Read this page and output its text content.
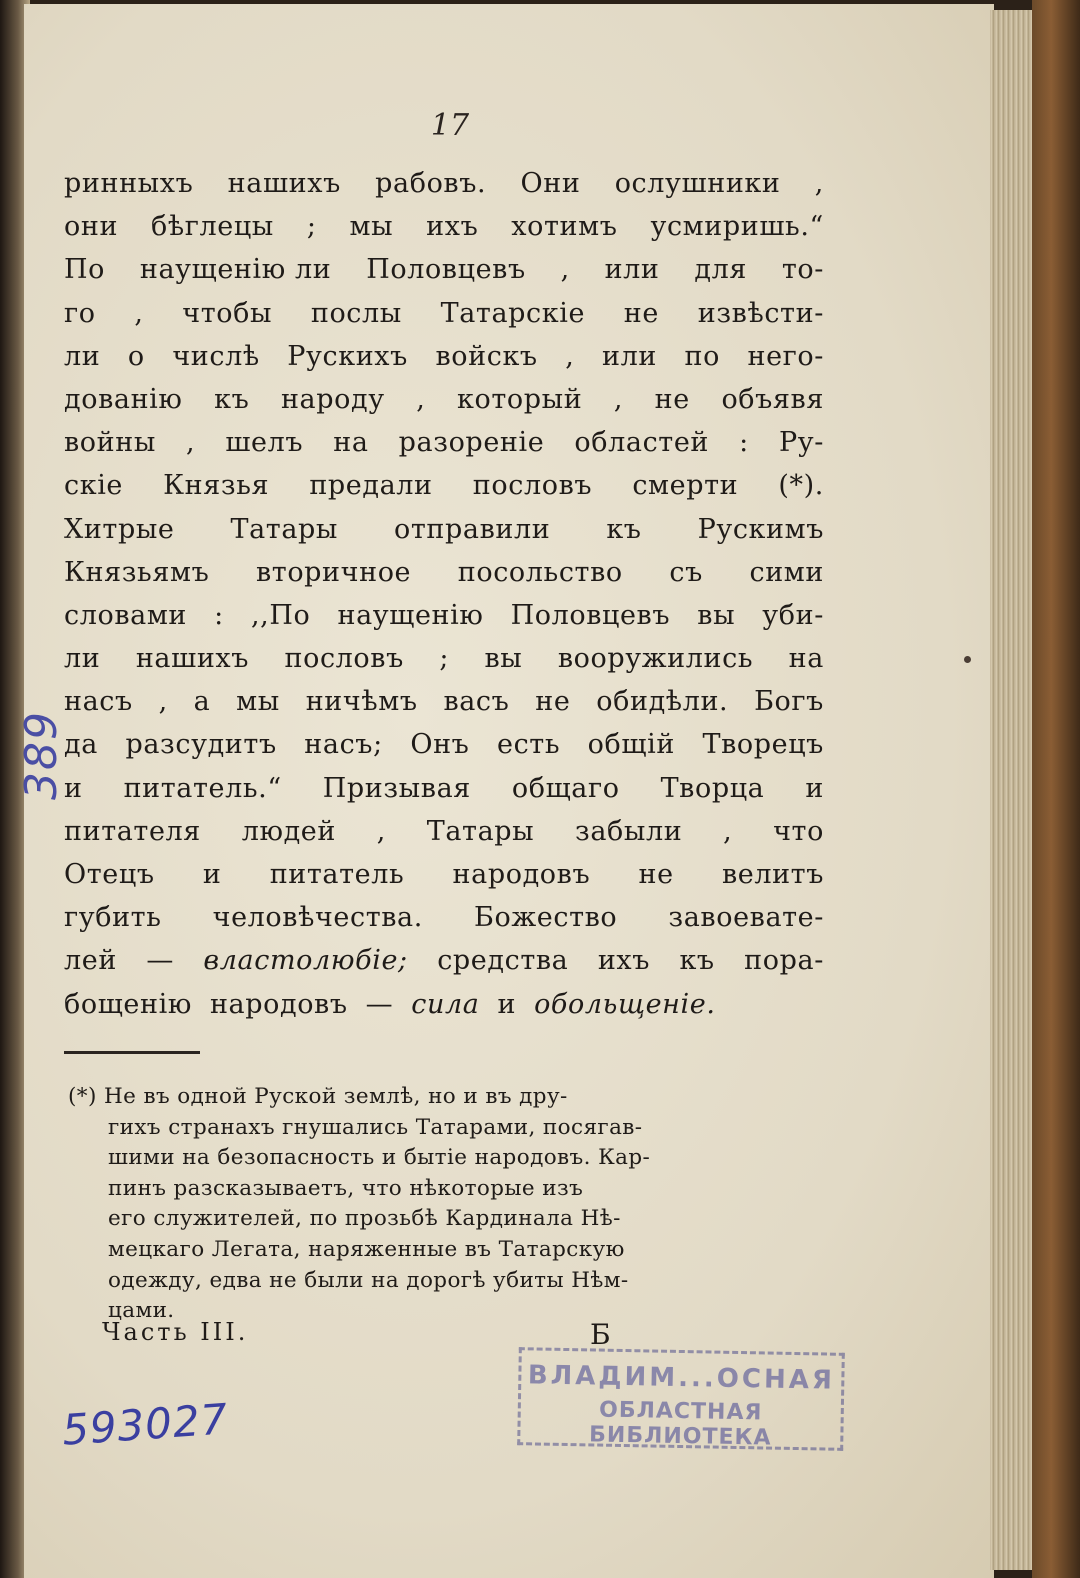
17
ринныхъ нашихъ рабовъ. Они ослушники ,
они бѣглецы ; мы ихъ хотимъ усмиришь.“
По наущенію ли Половцевъ , или для то-
го , чтобы послы Татарскіе не извѣсти-
ли о числѣ Рускихъ войскъ , или по него-
дованію къ народу , который , не объявя
войны , шелъ на разореніе областей : Ру-
скіе Князья предали пословъ смерти (*).
Хитрые Татары отправили къ Рускимъ
Князьямъ вторичное посольство съ сими
словами : ,,По наущенію Половцевъ вы уби-
ли нашихъ пословъ ; вы вооружились на
насъ , а мы ничѣмъ васъ не обидѣли. Богъ
да разсудитъ насъ; Онъ есть общій Творецъ
и питатель.“ Призывая общаго Творца и
питателя людей , Татары забыли , что
Отецъ и питатель народовъ не велитъ
губить человѣчества. Божество завоевате-
лей — властолюбіе; средства ихъ къ пора-
бощенію народовъ — сила и обольщеніе.
(*) Не въ одной Руской землѣ, но и въ дру-
гихъ странахъ гнушались Татарами, посягав-
шими на безопасность и бытіе народовъ. Кар-
пинъ разсказываетъ, что нѣкоторые изъ
его служителей, по прозьбѣ Кардинала Нѣ-
мецкаго Легата, наряженные въ Татарскую
одежду, едва не были на дорогѣ убиты Нѣм-
цами.
Часть III.	Б
389
593027
ВЛАДИМ...ОСНАЯ
ОБЛАСТНАЯ БИБЛИОТЕКА
